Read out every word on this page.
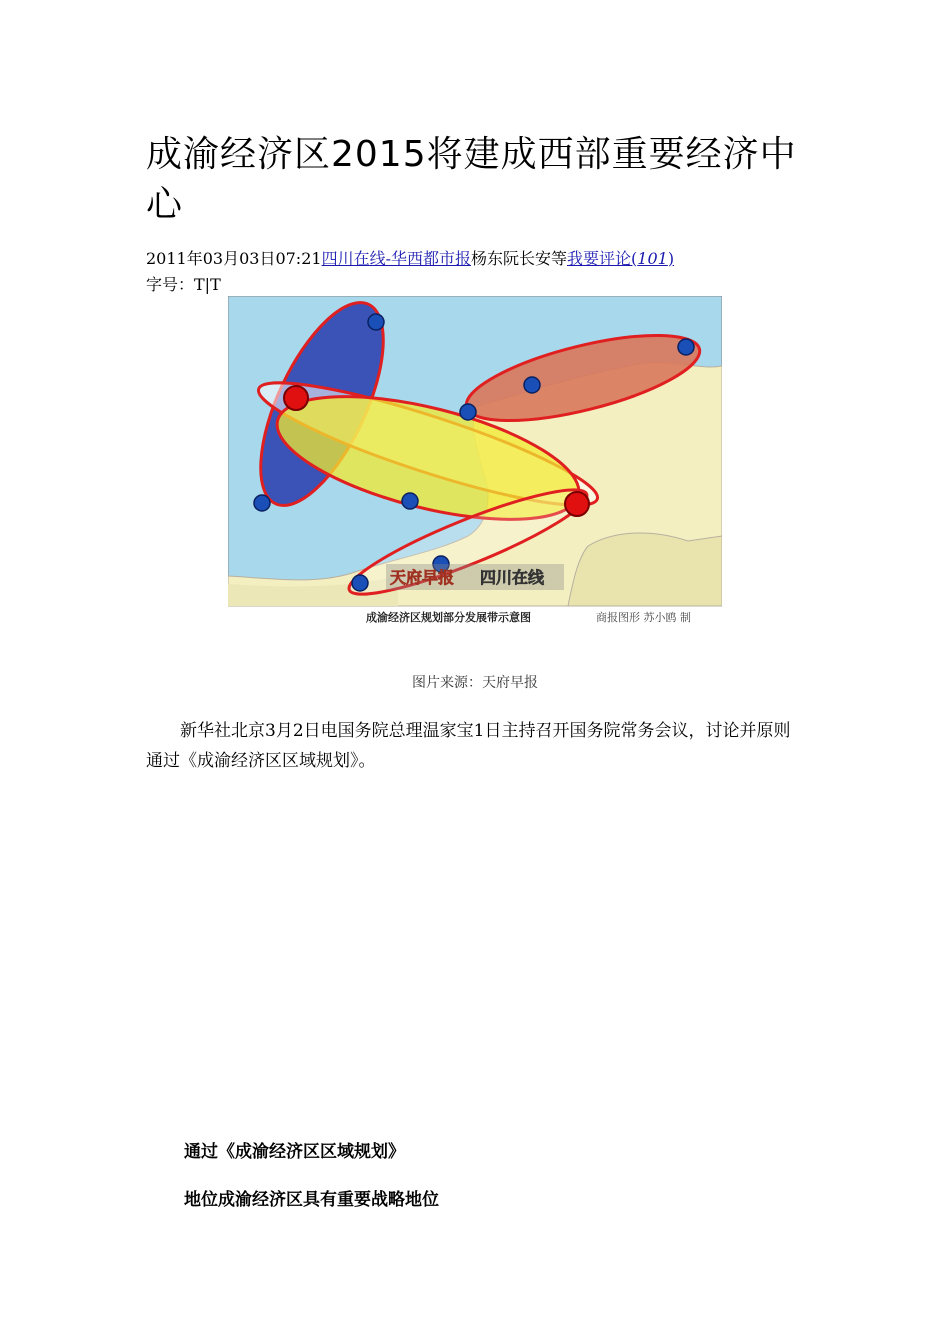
成渝经济区2015将建成西部重要经济中心
2011年03月03日07:21四川在线-华西都市报杨东阮长安等我要评论(101)
字号：T|T
天府早报 四川在线
成渝经济区规划部分发展带示意图	商报图形 苏小鸥 制
图片来源：天府早报

新华社北京3月2日电国务院总理温家宝1日主持召开国务院常务会议，讨论并原则通过《成渝经济区区域规划》。

通过《成渝经济区区域规划》
地位成渝经济区具有重要战略地位
